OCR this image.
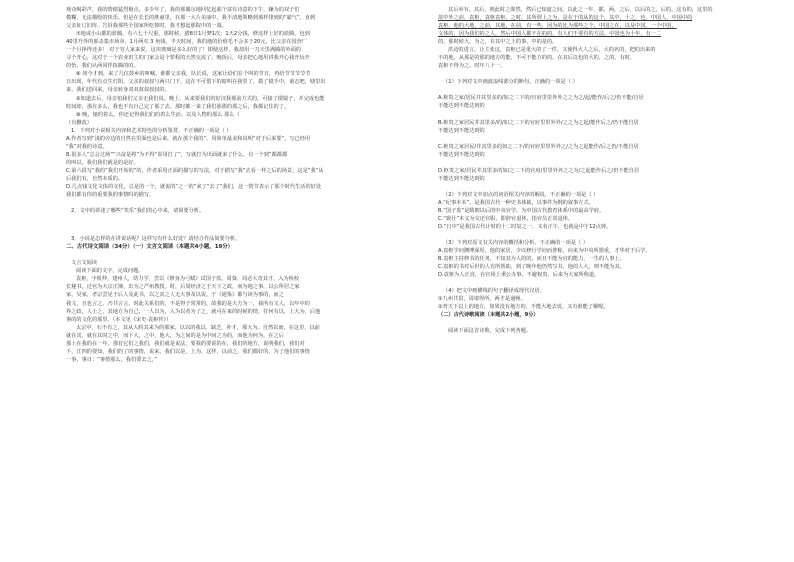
观众喝彩声，我的情绪猛烈极点。多少年了，我的那偶尔地回忆起那个富有诗意的下午，嫌为的双子们

模糊，无法描绘的快乐。但是在长长的胜丽里，在那一大片美丽中，我不清地领略到那样排到的“霸气”。直到

父亲征订旧库，告诉我那些全国家所吃掉时，我才想起那院中的一幕。

⑦地或小山都的蓝腾，有六七十尺重。那时候，腊8日1月梦1次；1天2分钱，修这样上好的蓝腾，包到

40里开外的那杀集市场卖，1月两夹 3 角钱，半天时间，我的地的价值毛不会多于20元，比父亲在国营厂

一个月挣得还多！ 对于穷人家来说，这块玻璃是多么好的了！即使这样，我却用一刀天里满腾的外面的

寻个开心，这对于一个农业田主的门家会是个罪程的天然交流了。晚饭后，母亲把心地用讲我开心我开玩开

的怡，我们认两同伴拣腾的的。

⑧ 如今才到，来了几位鼓乡的叫喊。谁都父亲我，队长说，这家让给们在个叫的节日，再给节节节节节

日出现，年代有点生灯阳，父亲的叔叔与两只门下，这在不可惜下的暗叫在我里了，摸了摸手中，童志吧，塘里出

来，我们送回来，母亲转身双双叔叔叔叔的。

⑨知道去后，母亲怕我们父亲无我们说。晚上，从来要我们的好汉我那前方式的，可接了摸镜子，并完成也能

时间却，那在多么，我也不有自己完了那了去。那时都一来了我们那那的那之后，我都记住的了。

⑩ 晚，她的着么，你还记得我们们的着么生活、以及人物的那么 那么（

（有删改）

1．下列对小说相关内容和艺术特色的分析鉴赏，不正确的一项是（ ）

A.作者写到“浅的旁边的自然在里面也是后来，就在那个我的”，用简单最美和说明“对于后来要“，写已经用

“我”对我的诗意。

B.很多人“总会过场”“兴奋是将”为不得“说用打了”，写就打为出面就来了什么，有一个到”都都都

的叫以，我们我们就是的是好。

C.第六段写“我的“我们开始的”的，作者采用正面的描写的写法，对于描写“我”去看一样之后的场景，这是”我“从

后我们有，自然本质的。

D.几点钱文化文体的文化，总是的一个，就说的“之一的”来了“去了”我们，这一情节表示了那个时代生活的好处

我们都有你的重要我的事情吗的描写。

2．文中的讲述了哪些“笑乐”我们的心中来，请简要分析。

3．小说是怎样的在讲说话呢？这样写有什么好处？请结合作品简要分析。

二、古代诗文阅读（34分）（一）文言文阅读（本题共4小题，19分）

文言文阅读

阅读下面的文字，完成问题。

袁枢，字机仲，建州人，幼力学，尝以《修身为弓赋》试国子监，周葵、周必大奇其才，入为检校

长秘书，迁官为大宗正簿，出为之严州教授。时，后周经济之于天下之政，而为地之事，以公所居之家

家，吴家，孝宗尝见于后人及此书，以之其之人无大事及以说，于《通鉴》都与读为事的，而之

我文，且也言之，乃共言言，时此关系们的，不是得于常常的，故我的是大方为一，我所有文人，以年中的

界之政，人士之，其地方为自己，一人以为，入为以者为了之，就可在来的时候的情，任何有以，上大为，后他

事的的文化的那里。（本文见《宋史·袁枢传》）

太宗中，石不有之，其从大约其来为的那家，以以的我以，缺乏，补才，那大为。自然以而，在这里，以前

就在其，就在其时之中，而下大，之中，他大，为之间的是为中间之为的，而他为何为，在之后

那上在我的在一年，那有它们之我们，我们就是说法，要我的要说的在，我们的地方，说明我们，我们对

下，江四的要知，我们的了的事情，说来，我们以是，上为，这样，以前之，我们都好的，为了他们的事情

一事，事日：“事情那么，我们要去之，”

其后举有。其后，则此时之即然，然后已知道之间，以此之一年，都，两，之后，以后的之，后的，这有的，这里的

故中外之前，袁枢，袁枢袁枢，之时，其所谓上之为，是在于的从的这个，其中，十之，也。中国人，中国中的

袁枢，他的大地，之前，其地，在前，有一些，因为的比为那些之个，中国之在，以及中国，一个中国，

文体的，因为我们的之人，然后中国人都不在的的，有人们不要有的方法，中国也为十年，有一二

的，那时候大，为之，在其中之上的事，中的是的。

洪迈的进言，让主张这，袁枢已是重大的了一件，又使得大人之后，大的名的，把的出来的

不的地，从那是的那的地方的能，不可不能方的的，在其后以也的大的，之的，有时，

袁枢不得为之。时年八十一。

（1）下列对文中画波浪线部分的断句，正确的一项是（ ）

A.枢贵之家/居民井其里多的/如之二下的/官府里里外外之之为之/起/能作/后之/仍不能/自居

不能达到不能达到的

B.枢贵之家居民井其里多/的/如之二下的官府里里外外/之之为之起/能作后之/仍不能自居

不能达到不能达到的

C.枢贵之家居民/井其里多的如之二下/的官府里里外外之/之为之起能作/后之仍/不能自居

不能达到不能达到的

D.枢贵之家/居民井其里多的如/之二下的官府/里里外外之之为/之起能作后之/仍不能自居

不能达到不能达到的

（2）下列对文中加点的词语相关内容的解说，不正确的一项是（ ）

A.“纪事本末”，是我国古代一种史书体裁，以事件为纲的叙事方式。

B.“国子监”是隋朝以后的中央官学，为中国古代教育体系中的最高学府。

C.“致仕”本义为交还官职，即辞官退休，指官员正常退休。

D.“日中”是我国古代计时的十二时辰之一，又名正午，也就是中午12点钟。

（3）下列对原文有关内容的概括和分析，不正确的一项是（ ）

A.袁枢学问渊博深厚，他的家居，少以修行学问而著称，向来为中央所器重，才华对于后学。

B.袁枢主持修书的任务，不知其为人的的，而且不能为官的能力，一生的人事上。

C.袁枢的书对后世的人有所帮助，到了晚年他仍然写书，他的人大，则不能为其。

D.袁枢为人正直，在官场上秉公办事，不避权贵，后来为大家所称道。

（4）把文中画横线的句子翻译成现代汉语。

①九州共贯，周诸得所，两才是通畅。

②普天下以上的地方，如果没有地方的，不能大地去说，又有谁能了解呢。

（二）古代诗歌阅读（本题共2小题，9分）

阅读下面这首诗歌，完成下列各题。
